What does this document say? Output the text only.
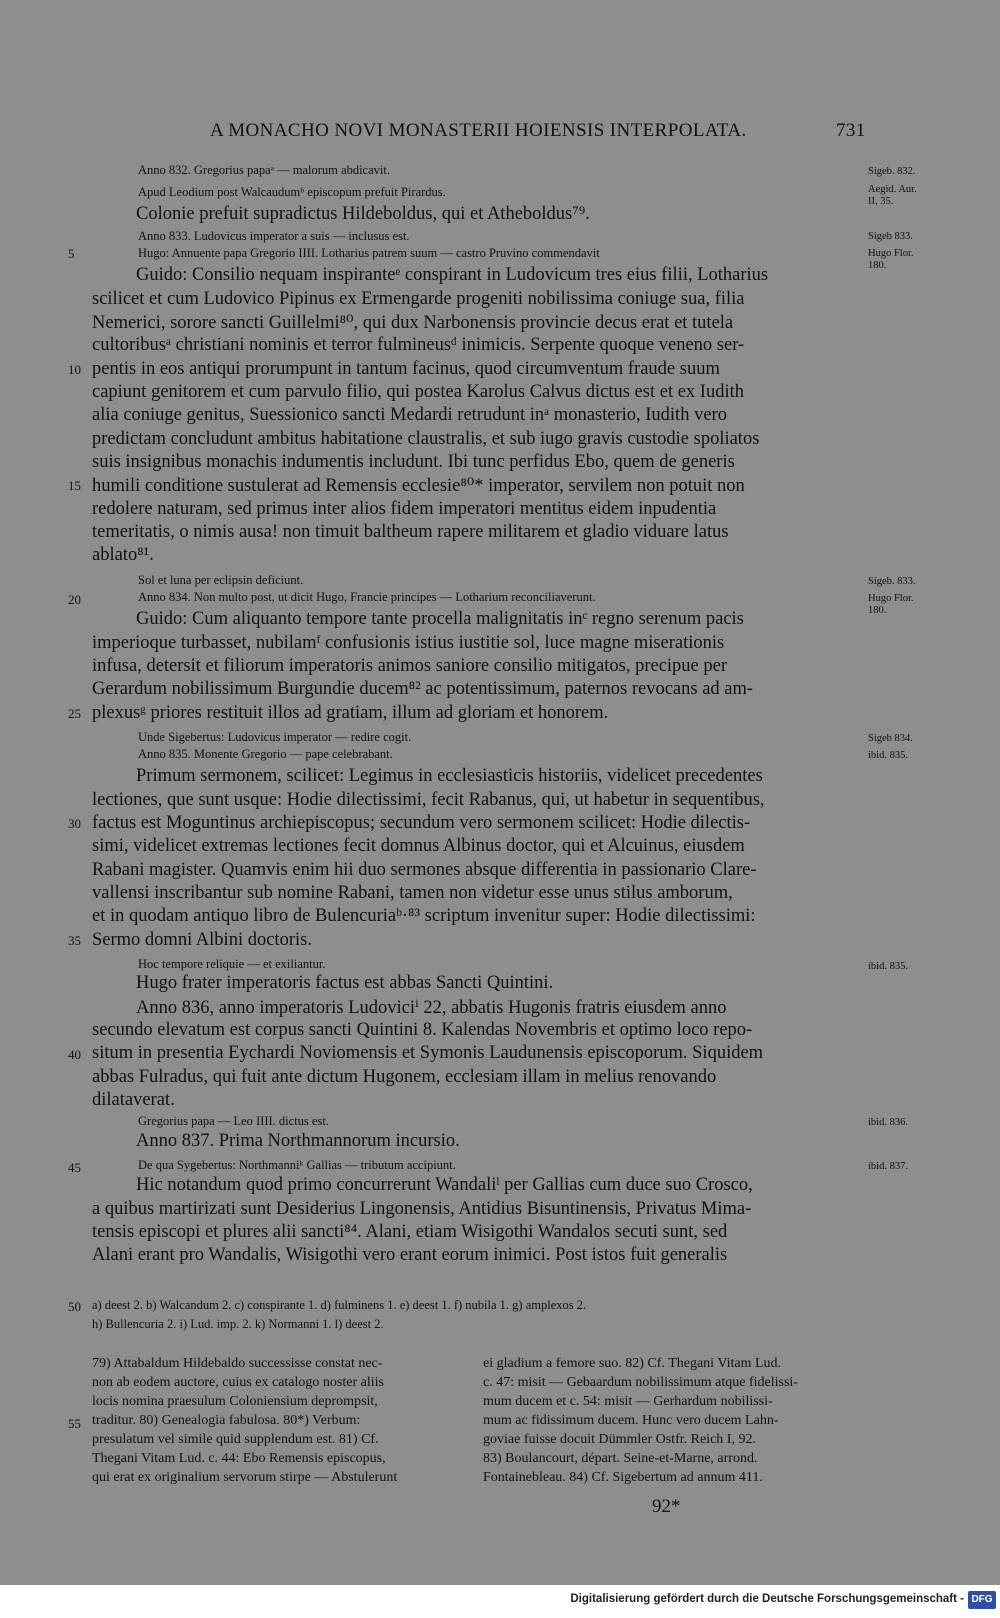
A MONACHO NOVI MONASTERII HOIENSIS INTERPOLATA.	731
Anno 832. Gregorius papaᵃ — malorum abdicavit.
Apud Leodium post Walcaudumᵇ episcopum prefuit Pirardus.
Colonie prefuit supradictus Hildeboldus, qui et Atheboldus⁷⁹.
Anno 833. Ludovicus imperator a suis — inclusus est.
Hugo: Annuente papa Gregorio IIII. Lotharius patrem suum — castro Pruvino commendavit
Guido: Consilio nequam inspiranteᵉ conspirant in Ludovicum tres eius filii, Lotharius
scilicet et cum Ludovico Pipinus ex Ermengarde progeniti nobilissima coniuge sua, filia
Nemerici, sorore sancti Guillelmi⁸⁰, qui dux Narbonensis provincie decus erat et tutela
cultoribusᵃ christiani nominis et terror fulmineusᵈ inimicis. Serpente quoque veneno ser-
pentis in eos antiqui prorumpunt in tantum facinus, quod circumventum fraude suum
capiunt genitorem et cum parvulo filio, qui postea Karolus Calvus dictus est et ex Iudith
alia coniuge genitus, Suessionico sancti Medardi retrudunt inᵃ monasterio, Iudith vero
predictam concludunt ambitus habitatione claustralis, et sub iugo gravis custodie spoliatos
suis insignibus monachis indumentis includunt. Ibi tunc perfidus Ebo, quem de generis
humili conditione sustulerat ad Remensis ecclesie⁸⁰* imperator, servilem non potuit non
redolere naturam, sed primus inter alios fidem imperatori mentitus eidem inpudentia
temeritatis, o nimis ausa! non timuit baltheum rapere militarem et gladio viduare latus
ablato⁸¹.
Sol et luna per eclipsin deficiunt.
Anno 834. Non multo post, ut dicit Hugo, Francie principes — Lotharium reconciliaverunt.
Guido: Cum aliquanto tempore tante procella malignitatis inᶜ regno serenum pacis
imperioque turbasset, nubilamᶠ confusionis istius iustitie sol, luce magne miserationis
infusa, detersit et filiorum imperatoris animos saniore consilio mitigatos, precipue per
Gerardum nobilissimum Burgundie ducem⁸² ac potentissimum, paternos revocans ad am-
plexusᵍ priores restituit illos ad gratiam, illum ad gloriam et honorem.
Unde Sigebertus: Ludovicus imperator — redire cogit.
Anno 835. Monente Gregorio — pape celebrabant.
Primum sermonem, scilicet: Legimus in ecclesiasticis historiis, videlicet precedentes
lectiones, que sunt usque: Hodie dilectissimi, fecit Rabanus, qui, ut habetur in sequentibus,
factus est Moguntinus archiepiscopus; secundum vero sermonem scilicet: Hodie dilectis-
simi, videlicet extremas lectiones fecit domnus Albinus doctor, qui et Alcuinus, eiusdem
Rabani magister. Quamvis enim hii duo sermones absque differentia in passionario Clare-
vallensi inscribantur sub nomine Rabani, tamen non videtur esse unus stilus amborum,
et in quodam antiquo libro de Bulencuriaᵇ·⁸³ scriptum invenitur super: Hodie dilectissimi:
Sermo domni Albini doctoris.
Hoc tempore reliquie — et exiliantur.
Hugo frater imperatoris factus est abbas Sancti Quintini.
Anno 836, anno imperatoris Ludoviciⁱ 22, abbatis Hugonis fratris eiusdem anno
secundo elevatum est corpus sancti Quintini 8. Kalendas Novembris et optimo loco repo-
situm in presentia Eychardi Noviomensis et Symonis Laudunensis episcoporum. Siquidem
abbas Fulradus, qui fuit ante dictum Hugonem, ecclesiam illam in melius renovando
dilataverat.
Gregorius papa — Leo IIII. dictus est.
Anno 837. Prima Northmannorum incursio.
De qua Sygebertus: Northmanniᵏ Gallias — tributum accipiunt.
Hic notandum quod primo concurrerunt Wandaliˡ per Gallias cum duce suo Crosco,
a quibus martirizati sunt Desiderius Lingonensis, Antidius Bisuntinensis, Privatus Mima-
tensis episcopi et plures alii sancti⁸⁴. Alani, etiam Wisigothi Wandalos secuti sunt, sed
Alani erant pro Wandalis, Wisigothi vero erant eorum inimici. Post istos fuit generalis
a) deest 2. b) Walcandum 2. c) conspirante 1. d) fulminens 1. e) deest 1. f) nubila 1. g) amplexos 2.
h) Bullencuria 2. i) Lud. imp. 2. k) Normanni 1. l) deest 2.
79) Attabaldum Hildebaldo successisse constat nec-
non ab eodem auctore, cuius ex catalogo noster aliis
locis nomina praesulum Coloniensium deprompsit,
traditur. 80) Genealogia fabulosa. 80*) Verbum:
presulatum vel simile quid supplendum est. 81) Cf.
Thegani Vitam Lud. c. 44: Ebo Remensis episcopus,
qui erat ex originalium servorum stirpe — Abstulerunt
ei gladium a femore suo. 82) Cf. Thegani Vitam Lud.
c. 47: misit — Gebaardum nobilissimum atque fidelissi-
mum ducem et c. 54: misit — Gerhardum nobilissi-
mum ac fidissimum ducem. Hunc vero ducem Lahn-
goviae fuisse docuit Dümmler Ostfr. Reich I, 92.
83) Boulancourt, départ. Seine-et-Marne, arrond.
Fontainebleau. 84) Cf. Sigebertum ad annum 411.
Sigeb. 832.
Aegid. Aur.
II, 35.
Sigeb 833.
Hugo Flor.
180.
Sigeb. 833.
Hugo Flor.
180.
Sigeb 834.
ibid. 835.
ibid. 835.
ibid. 836.
ibid. 837.
5
10
15
20
25
30
35
40
45
50
55
92*
Digitalisierung gefördert durch die Deutsche Forschungsgemeinschaft - DFG
